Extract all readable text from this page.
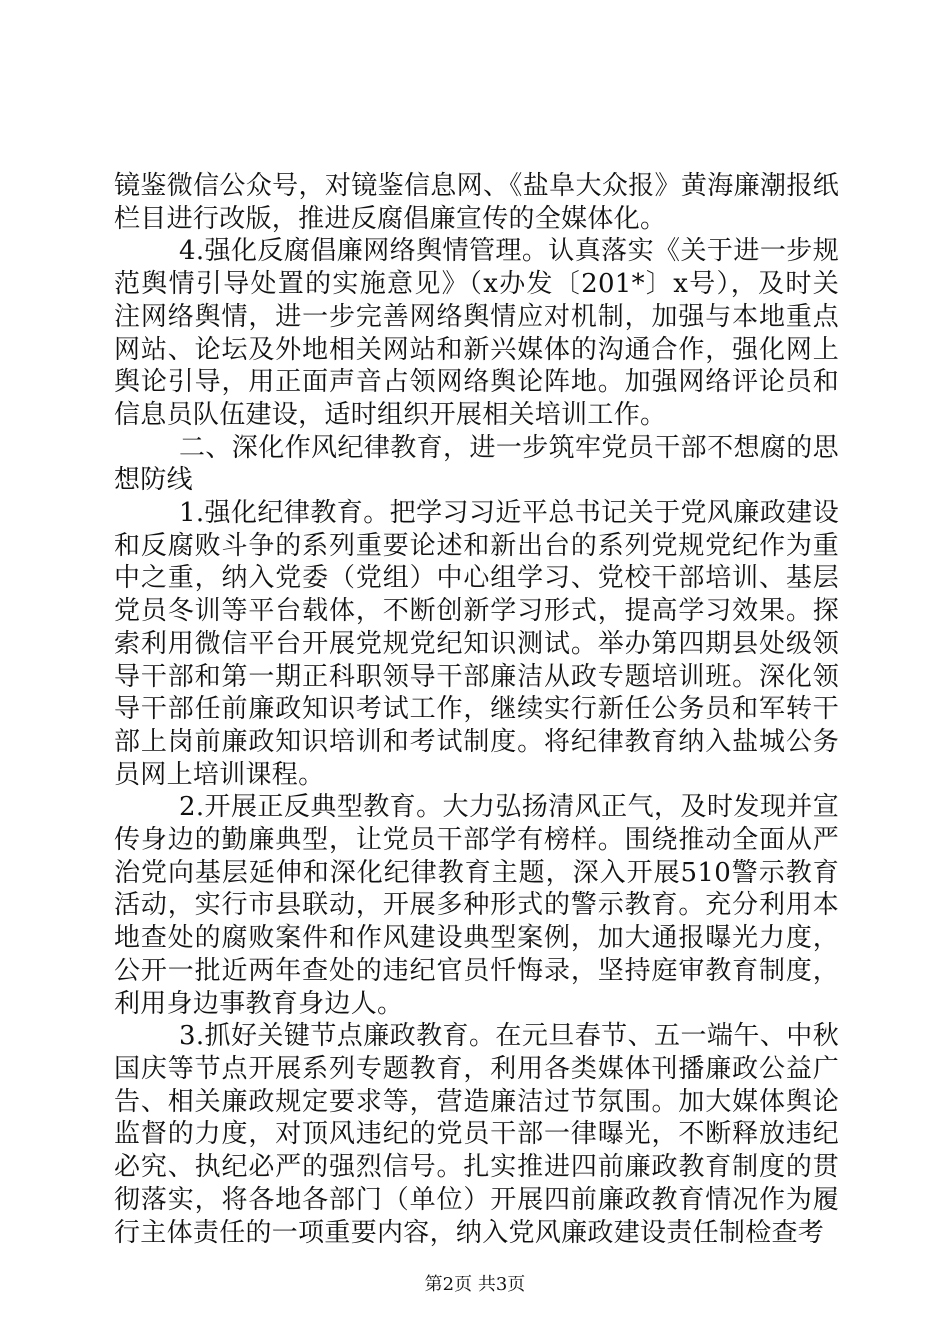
镜鉴微信公众号，对镜鉴信息网、《盐阜大众报》黄海廉潮报纸栏目进行改版，推进反腐倡廉宣传的全媒体化。

4.强化反腐倡廉网络舆情管理。认真落实《关于进一步规范舆情引导处置的实施意见》（x办发〔201*〕x号），及时关注网络舆情，进一步完善网络舆情应对机制，加强与本地重点网站、论坛及外地相关网站和新兴媒体的沟通合作，强化网上舆论引导，用正面声音占领网络舆论阵地。加强网络评论员和信息员队伍建设，适时组织开展相关培训工作。

二、深化作风纪律教育，进一步筑牢党员干部不想腐的思想防线

1.强化纪律教育。把学习习近平总书记关于党风廉政建设和反腐败斗争的系列重要论述和新出台的系列党规党纪作为重中之重，纳入党委（党组）中心组学习、党校干部培训、基层党员冬训等平台载体，不断创新学习形式，提高学习效果。探索利用微信平台开展党规党纪知识测试。举办第四期县处级领导干部和第一期正科职领导干部廉洁从政专题培训班。深化领导干部任前廉政知识考试工作，继续实行新任公务员和军转干部上岗前廉政知识培训和考试制度。将纪律教育纳入盐城公务员网上培训课程。

2.开展正反典型教育。大力弘扬清风正气，及时发现并宣传身边的勤廉典型，让党员干部学有榜样。围绕推动全面从严治党向基层延伸和深化纪律教育主题，深入开展510警示教育活动，实行市县联动，开展多种形式的警示教育。充分利用本地查处的腐败案件和作风建设典型案例，加大通报曝光力度，公开一批近两年查处的违纪官员忏悔录，坚持庭审教育制度，利用身边事教育身边人。

3.抓好关键节点廉政教育。在元旦春节、五一端午、中秋国庆等节点开展系列专题教育，利用各类媒体刊播廉政公益广告、相关廉政规定要求等，营造廉洁过节氛围。加大媒体舆论监督的力度，对顶风违纪的党员干部一律曝光，不断释放违纪必究、执纪必严的强烈信号。扎实推进四前廉政教育制度的贯彻落实，将各地各部门（单位）开展四前廉政教育情况作为履行主体责任的一项重要内容，纳入党风廉政建设责任制检查考

第2页 共3页
